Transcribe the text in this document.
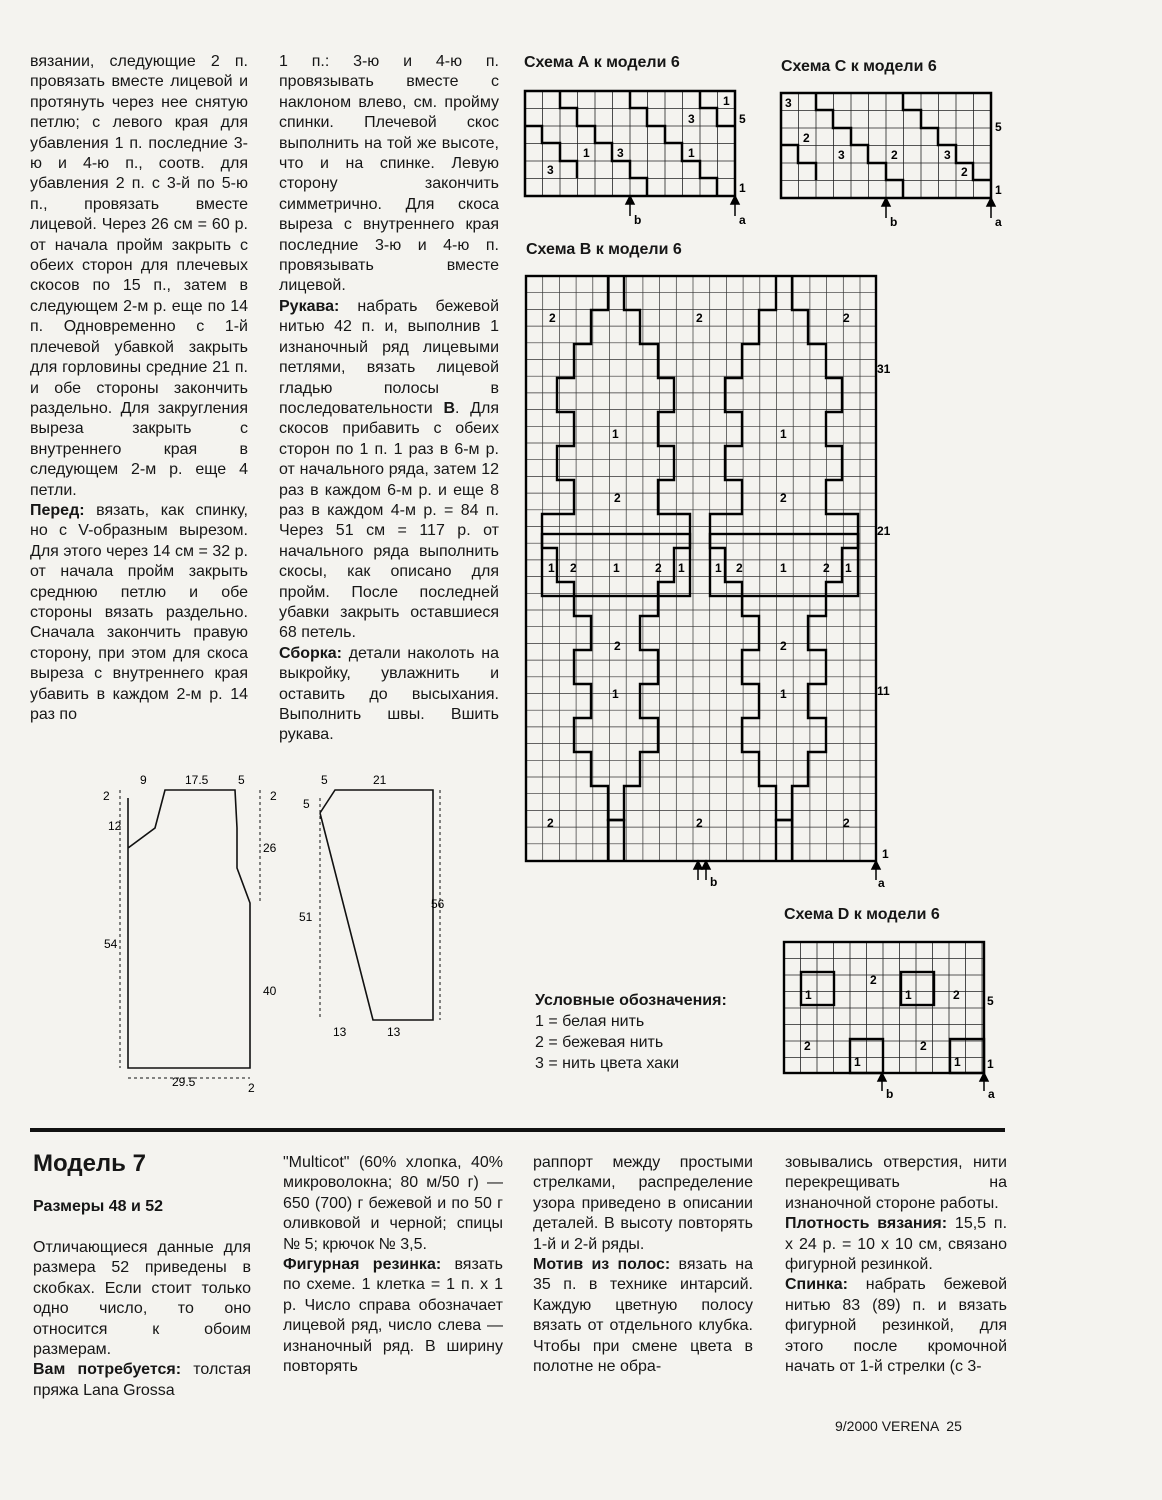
вязании, следующие 2 п. провязать вместе лицевой и протянуть через нее снятую петлю; с левого края для убавления 1 п. последние 3-ю и 4-ю п., соотв. для убавления 2 п. с 3-й по 5-ю п., провязать вместе лицевой. Через 26 см = 60 р. от начала пройм закрыть с обеих сторон для плечевых скосов по 15 п., затем в следующем 2-м р. еще по 14 п. Одновременно с 1-й плечевой убавкой закрыть для горловины средние 21 п. и обе стороны закончить раздельно. Для закругления выреза закрыть с внутреннего края в следующем 2-м р. еще 4 петли.

Перед: вязать, как спинку, но с V-образным вырезом. Для этого через 14 см = 32 р. от начала пройм закрыть среднюю петлю и обе стороны вязать раздельно. Сначала закончить правую сторону, при этом для скоса выреза с внутреннего края убавить в каждом 2-м р. 14 раз по

1 п.: 3-ю и 4-ю п. провязывать вместе с наклоном влево, см. пройму спинки. Плечевой скос выполнить на той же высоте, что и на спинке. Левую сторону закончить симметрично. Для скоса выреза с внутреннего края последние 3-ю и 4-ю п. провязывать вместе лицевой.

Рукава: набрать бежевой нитью 42 п. и, выполнив 1 изнаночный ряд лицевыми петлями, вязать лицевой гладью полосы в последовательности В. Для скосов прибавить с обеих сторон по 1 п. 1 раз в 6-м р. от начального ряда, затем 12 раз в каждом 6-м р. и еще 8 раз в каждом 4-м р. = 84 п. Через 51 см = 117 р. от начального ряда выполнить скосы, как описано для пройм. После последней убавки закрыть оставшиеся 68 петель.

Сборка: детали наколоть на выкройку, увлажнить и оставить до высыхания. Выполнить швы. Вшить рукава.

Схема А к модели 6	Схема С к модели 6
Схема В к модели 6
Схема D к модели 6
1
3
1 3	1
3
5
1
b	a
3
2
3	2	3
2
5
1
b	a
2	2	2
1	1
2	2
1 2	1	2 1	1 2	1	2 1
2	2
1	1
2	2	2
31
21
11
1
b	a
1
2
1	2
2
1
2
1
5
1
b	a
Условные обозначения:
1 = белая нить
2 = бежевая нить
3 = нить цвета хаки
9	17.5 5
2	2
12
26
54
40
29.5	2
5	21
5
51
56
13	13
Модель 7
Размеры 48 и 52

Отличающиеся данные для размера 52 приведены в скобках. Если стоит только одно число, то оно относится к обоим размерам.

Вам потребуется: толстая пряжа Lana Grossa

"Multicot" (60% хлопка, 40% микроволокна; 80 м/50 г) — 650 (700) г бежевой и по 50 г оливковой и черной; спицы № 5; крючок № 3,5.

Фигурная резинка: вязать по схеме. 1 клетка = 1 п. x 1 р. Число справа обозначает лицевой ряд, число слева — изнаночный ряд. В ширину повторять

раппорт между простыми стрелками, распределение узора приведено в описании деталей. В высоту повторять 1-й и 2-й ряды.

Мотив из полос: вязать на 35 п. в технике интарсий. Каждую цветную полосу вязать от отдельного клубка. Чтобы при смене цвета в полотне не обра-

зовывались отверстия, нити перекрещивать на изнаночной стороне работы.

Плотность вязания: 15,5 п. x 24 р. = 10 x 10 см, связано фигурной резинкой.

Спинка: набрать бежевой нитью 83 (89) п. и вязать фигурной резинкой, для этого после кромочной начать от 1-й стрелки (с 3-

9/2000 VERENA  25
